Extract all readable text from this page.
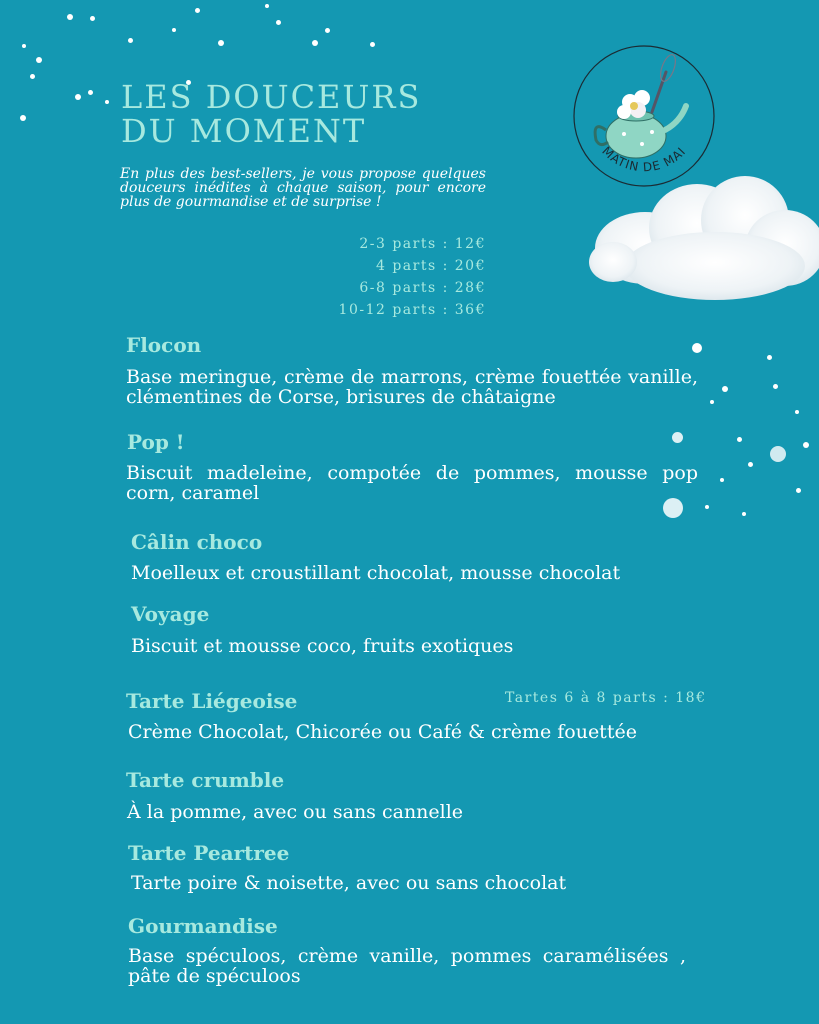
LES DOUCEURS
DU MOMENT
En plus des best-sellers, je vous propose quelques douceurs inédites à chaque saison, pour encore plus de gourmandise et de surprise !
2-3 parts : 12€
4 parts : 20€
6-8 parts : 28€
10-12 parts : 36€
MATIN DE MAI
Flocon
Base meringue, crème de marrons, crème fouettée vanille, clémentines de Corse, brisures de châtaigne
Pop !
Biscuit madeleine, compotée de pommes, mousse pop corn, caramel
Câlin choco
Moelleux et croustillant chocolat, mousse chocolat
Voyage
Biscuit et mousse coco, fruits exotiques
Tarte Liégeoise	Tartes 6 à 8 parts : 18€
Crème Chocolat, Chicorée ou Café & crème fouettée
Tarte crumble
À la pomme, avec ou sans cannelle
Tarte Peartree
Tarte poire & noisette, avec ou sans chocolat
Gourmandise
Base spéculoos, crème vanille, pommes caramélisées , pâte de spéculoos
